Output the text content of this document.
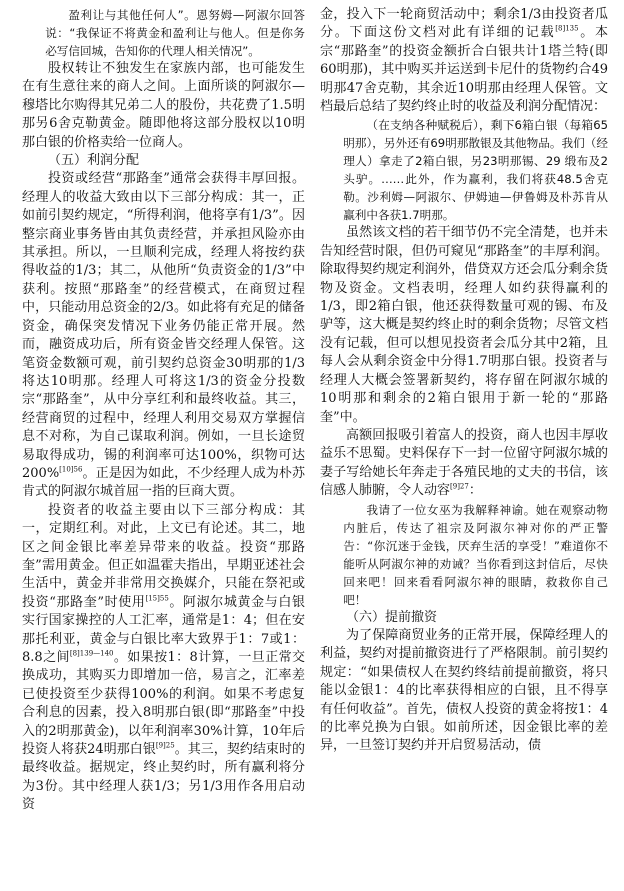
盈利让与其他任何人”。恩努姆—阿淑尔回答说：“我保证不将黄金和盈利让与他人。但是你务必写信回城，告知你的代理人相关情况”。

股权转让不独发生在家族内部，也可能发生在有生意往来的商人之间。上面所谈的阿淑尔—穆塔比尔购得其兄弟二人的股份，共花费了1.5明那另6舍克勒黄金。随即他将这部分股权以10明那白银的价格卖给一位商人。

（五）利润分配

投资或经营“那路奎”通常会获得丰厚回报。经理人的收益大致由以下三部分构成：其一，正如前引契约规定，“所得利润，他将享有1/3”。因整宗商业事务皆由其负责经营，并承担风险亦由其承担。所以，一旦顺利完成，经理人将按约获得收益的1/3；其二，从他所“负责资金的1/3”中获利。按照“那路奎”的经营模式，在商贸过程中，只能动用总资金的2/3。如此将有充足的储备资金，确保突发情况下业务仍能正常开展。然而，融资成功后，所有资金皆交经理人保管。这笔资金数额可观，前引契约总资金30明那的1/3将达10明那。经理人可将这1/3的资金分投数宗“那路奎”，从中分享红利和最终收益。其三，经营商贸的过程中，经理人利用交易双方掌握信息不对称，为自己谋取利润。例如，一旦长途贸易取得成功，锡的利润率可达100%，织物可达200%$^{[10]56}$。正是因为如此，不少经理人成为朴苏肯式的阿淑尔城首屈一指的巨商大贾。

投资者的收益主要由以下三部分构成：其一，定期红利。对此，上文已有论述。其二，地区之间金银比率差异带来的收益。投资“那路奎”需用黄金。但正如温霍夫指出，早期亚述社会生活中，黄金并非常用交换媒介，只能在祭祀或投资“那路奎”时使用$^{[15]55}$。阿淑尔城黄金与白银实行国家操控的人工汇率，通常是1：4；但在安那托利亚，黄金与白银比率大致界于1：7或1：8.8之间$^{[8]139—140}$。如果按1：8计算，一旦正常交换成功，其购买力即增加一倍，易言之，汇率差已使投资至少获得100%的利润。如果不考虑复合利息的因素，投入8明那白银(即“那路奎”中投入的2明那黄金)，以年利润率30%计算，10年后投资人将获24明那白银$^{[9]25}$。其三，契约结束时的最终收益。据规定，终止契约时，所有赢利将分为3份。其中经理人获1/3；另1/3用作各用启动资

金，投入下一轮商贸活动中；剩余1/3由投资者瓜分。下面这份文档对此有详细的记载$^{[8]135}$。本宗“那路奎”的投资金额折合白银共计1塔兰特(即60明那)，其中购买并运送到卡尼什的货物约合49明那47舍克勒，其余近10明那由经理人保管。文档最后总结了契约终止时的收益及利润分配情况：

（在支纳各种赋税后），剩下6箱白银（每箱65明那），另外还有69明那散银及其他物品。我们（经理人）拿走了2箱白银，另23明那锡、29 缎布及2头驴。……此外，作为赢利，我们将获48.5舍克勒。沙利姆—阿淑尔、伊姆迪—伊鲁姆及朴苏肯从赢利中各获1.7明那。

虽然该文档的若干细节仍不完全清楚，也并未告知经营时限，但仍可窥见“那路奎”的丰厚利润。除取得契约规定利润外，借贷双方还会瓜分剩余货物及资金。文档表明，经理人如约获得赢利的1/3，即2箱白银，他还获得数量可观的锡、布及驴等，这大概是契约终止时的剩余货物；尽管文档没有记载，但可以想见投资者会瓜分其中2箱，且每人会从剩余资金中分得1.7明那白银。投资者与经理人大概会签署新契约，将存留在阿淑尔城的10明那和剩余的2箱白银用于新一轮的“那路奎”中。

高额回报吸引着富人的投资，商人也因丰厚收益乐不思蜀。史料保存下一封一位留守阿淑尔城的妻子写给她长年奔走于各殖民地的丈夫的书信，该信感人肺腑，令人动容$^{[9]27}$：

我请了一位女巫为我解释神谕。她在观察动物内脏后，传达了祖宗及阿淑尔神对你的严正警告：“你沉迷于金钱，厌弃生活的享受！”难道你不能听从阿淑尔神的劝诫？当你看到这封信后，尽快回来吧！回来看看阿淑尔神的眼睛，救救你自己吧！

（六）提前撤资

为了保障商贸业务的正常开展，保障经理人的利益，契约对提前撤资进行了严格限制。前引契约规定：“如果债权人在契约终结前提前撤资，将只能以金银1：4的比率获得相应的白银，且不得享有任何收益”。首先，债权人投资的黄金将按1：4的比率兑换为白银。如前所述，因金银比率的差异，一旦签订契约并开启贸易活动，债
